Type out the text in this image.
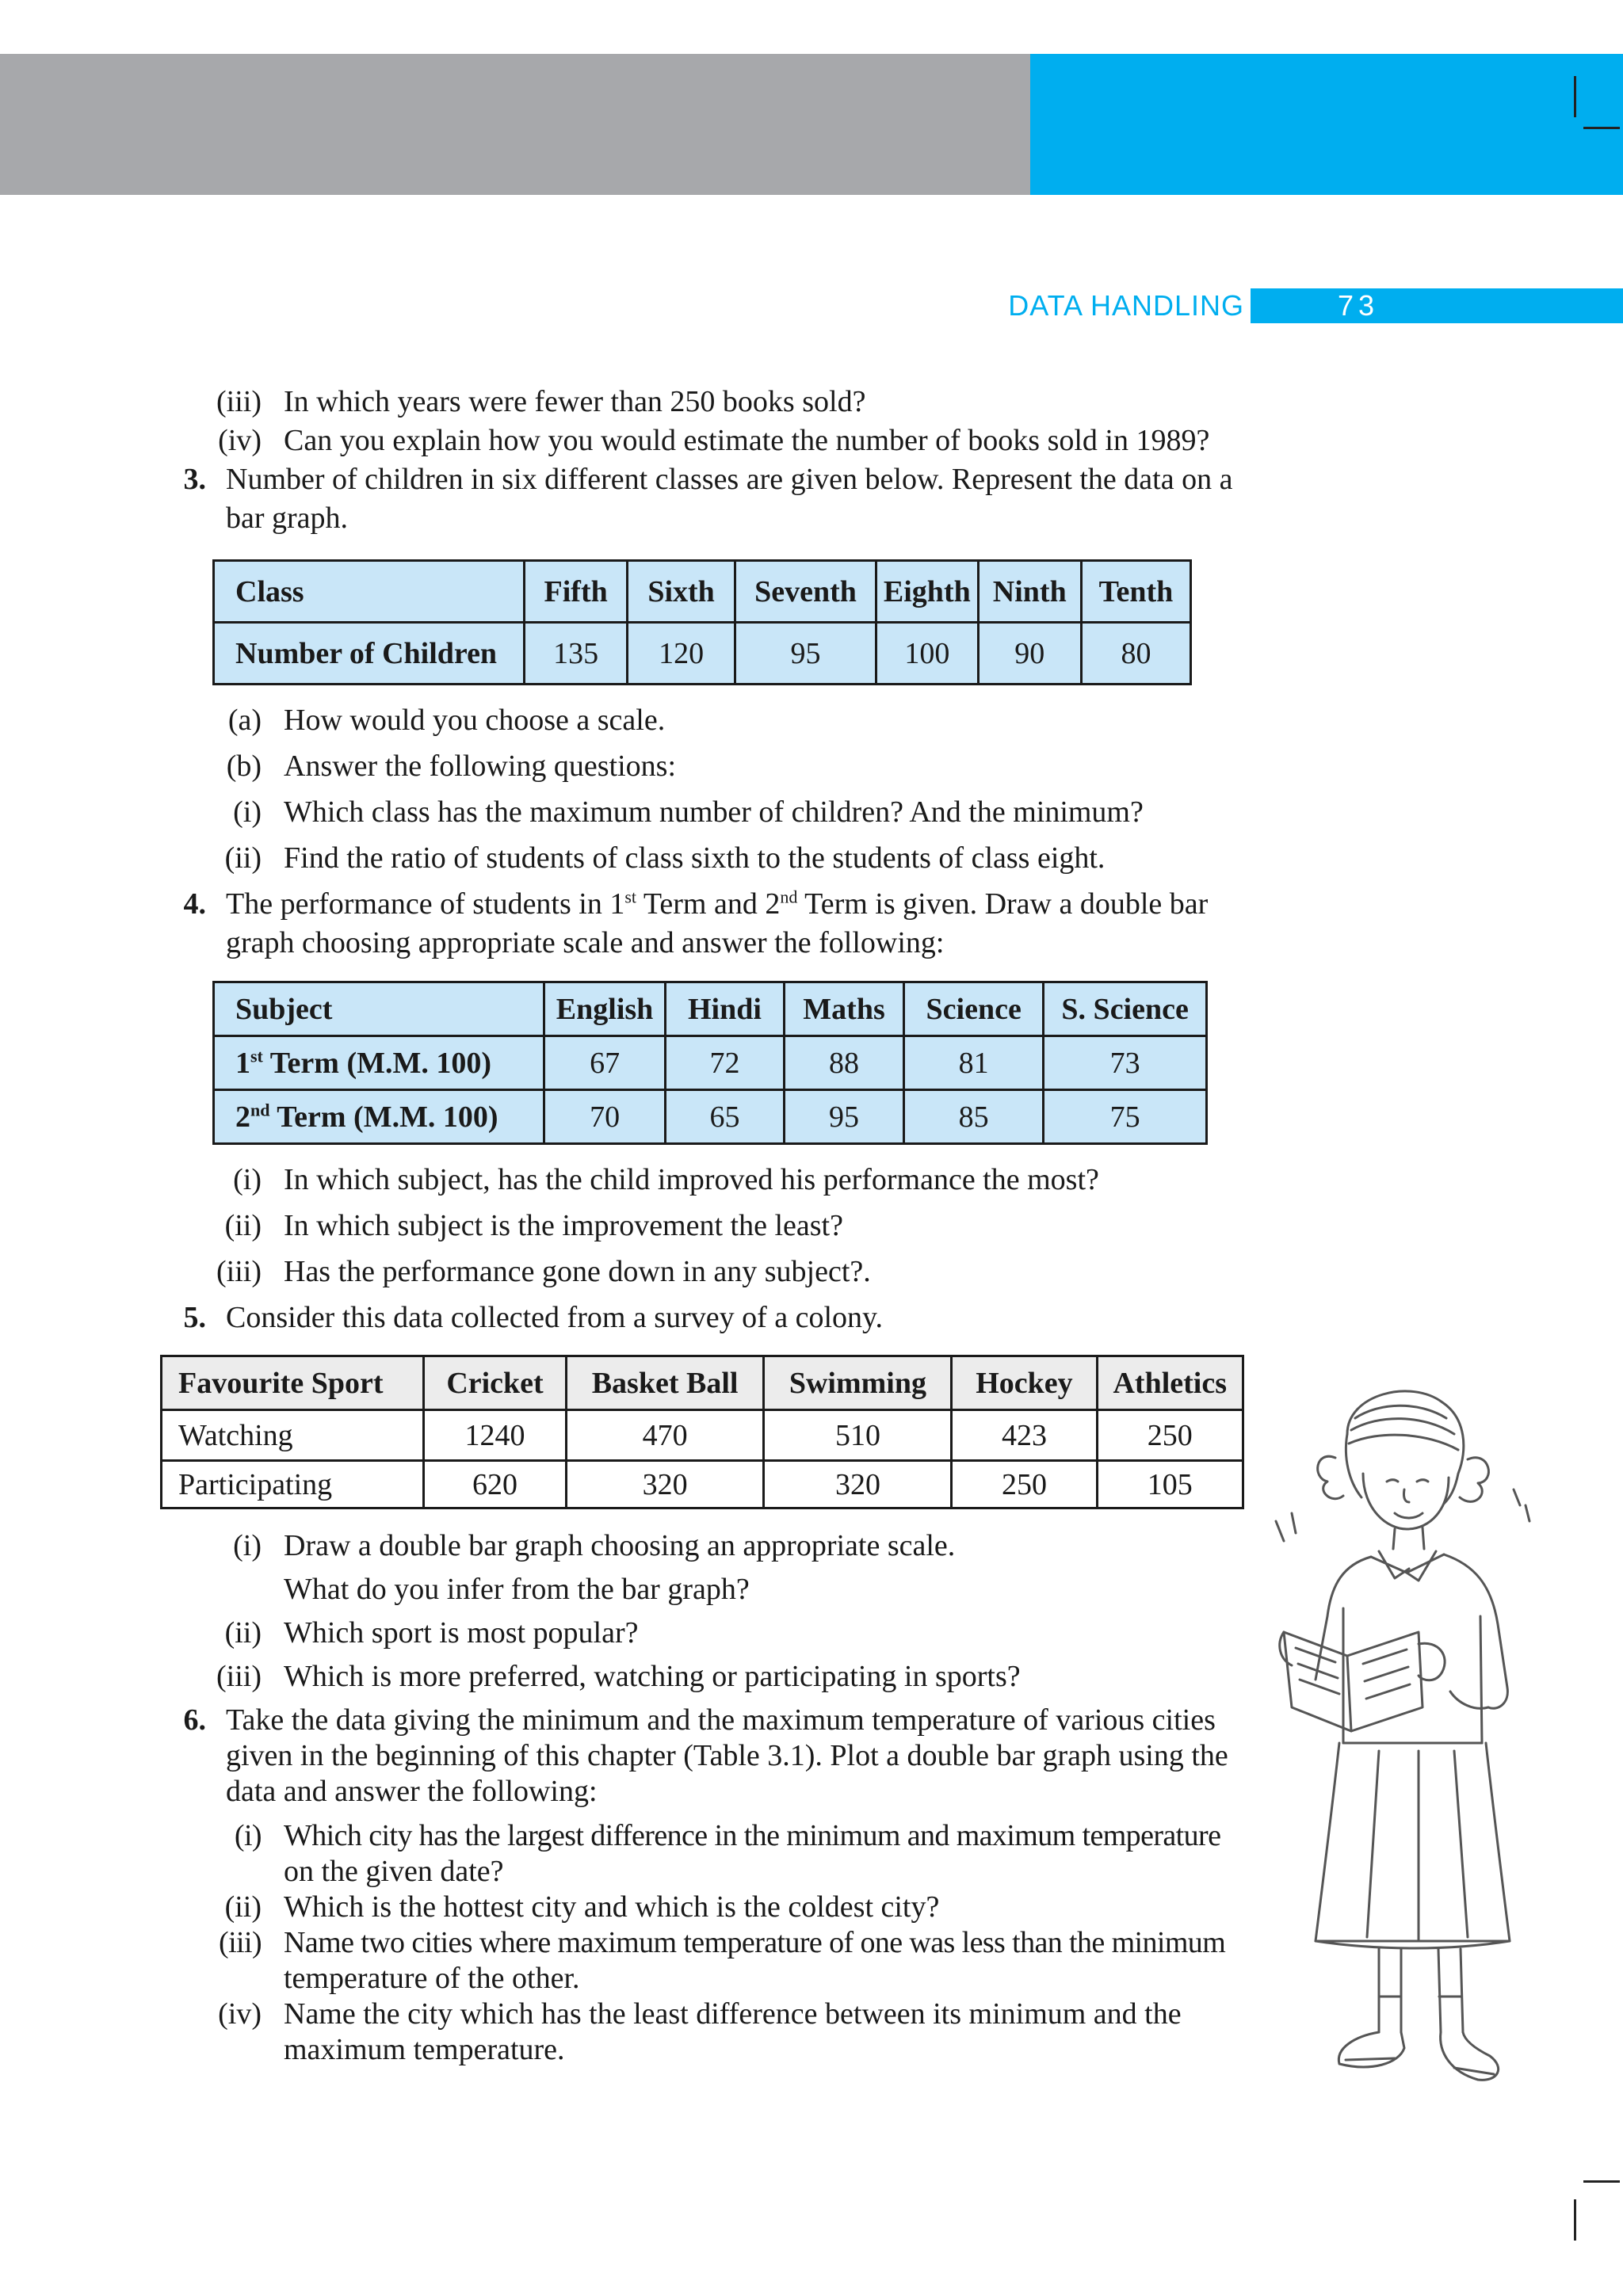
DATA HANDLING	73
(iii) In which years were fewer than 250 books sold?
(iv) Can you explain how you would estimate the number of books sold in 1989?
3. Number of children in six different classes are given below. Represent the data on a
bar graph.
Class	Fifth	Sixth	Seventh	Eighth	Ninth	Tenth
Number of Children	135	120	95	100	90	80
(a) How would you choose a scale.
(b) Answer the following questions:
(i) Which class has the maximum number of children? And the minimum?
(ii) Find the ratio of students of class sixth to the students of class eight.
4. The performance of students in 1st Term and 2nd Term is given. Draw a double bar
graph choosing appropriate scale and answer the following:
Subject	English	Hindi	Maths	Science	S. Science
1st Term (M.M. 100)	67	72	88	81	73
2nd Term (M.M. 100)	70	65	95	85	75
(i) In which subject, has the child improved his performance the most?
(ii) In which subject is the improvement the least?
(iii) Has the performance gone down in any subject?.
5. Consider this data collected from a survey of a colony.
Favourite Sport	Cricket	Basket Ball	Swimming	Hockey	Athletics
Watching	1240	470	510	423	250
Participating	620	320	320	250	105
(i) Draw a double bar graph choosing an appropriate scale.
What do you infer from the bar graph?
(ii) Which sport is most popular?
(iii) Which is more preferred, watching or participating in sports?
6. Take the data giving the minimum and the maximum temperature of various cities
given in the beginning of this chapter (Table 3.1). Plot a double bar graph using the
data and answer the following:
(i) Which city has the largest difference in the minimum and maximum temperature
on the given date?
(ii) Which is the hottest city and which is the coldest city?
(iii) Name two cities where maximum temperature of one was less than the minimum
temperature of the other.
(iv) Name the city which has the least difference between its minimum and the
maximum temperature.
